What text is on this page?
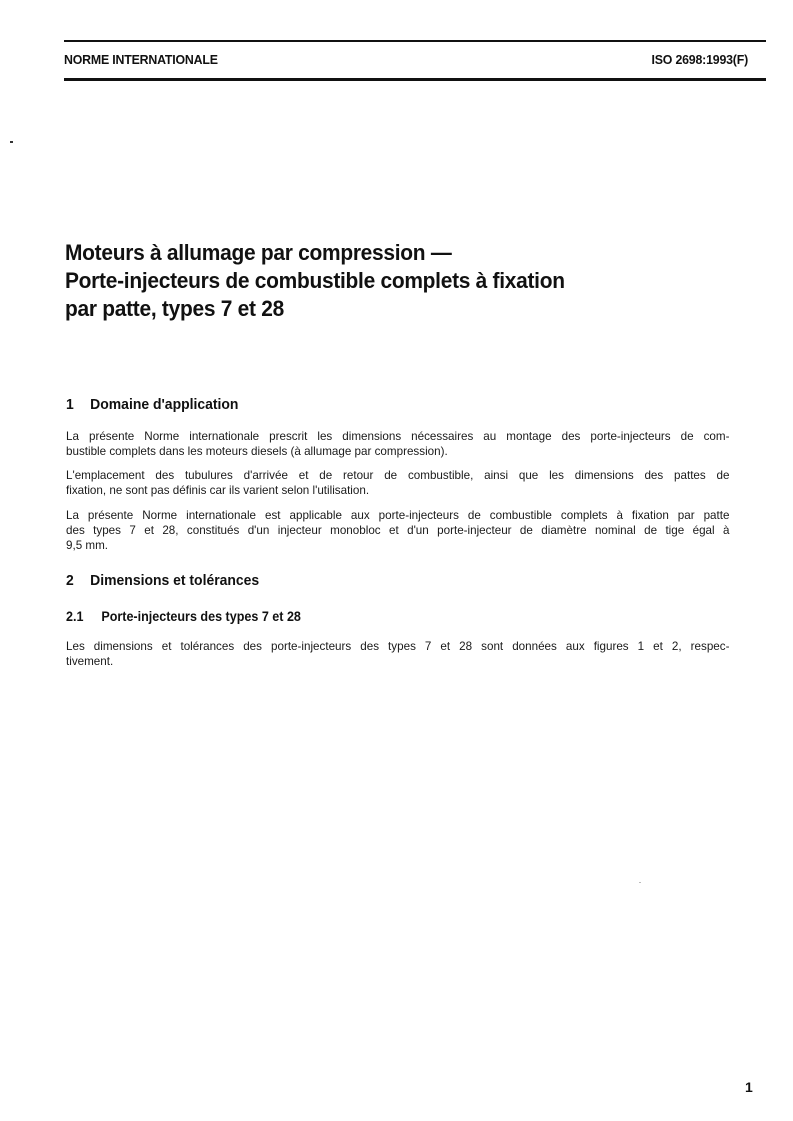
NORME INTERNATIONALE	ISO 2698:1993(F)
Moteurs à allumage par compression —
Porte-injecteurs de combustible complets à fixation
par patte, types 7 et 28
1 Domaine d'application
La présente Norme internationale prescrit les dimensions nécessaires au montage des porte-injecteurs de com-
bustible complets dans les moteurs diesels (à allumage par compression).
L'emplacement des tubulures d'arrivée et de retour de combustible, ainsi que les dimensions des pattes de
fixation, ne sont pas définis car ils varient selon l'utilisation.
La présente Norme internationale est applicable aux porte-injecteurs de combustible complets à fixation par patte
des types 7 et 28, constitués d'un injecteur monobloc et d'un porte-injecteur de diamètre nominal de tige égal à
9,5 mm.
2 Dimensions et tolérances
2.1 Porte-injecteurs des types 7 et 28
Les dimensions et tolérances des porte-injecteurs des types 7 et 28 sont données aux figures 1 et 2, respec-
tivement.
1
